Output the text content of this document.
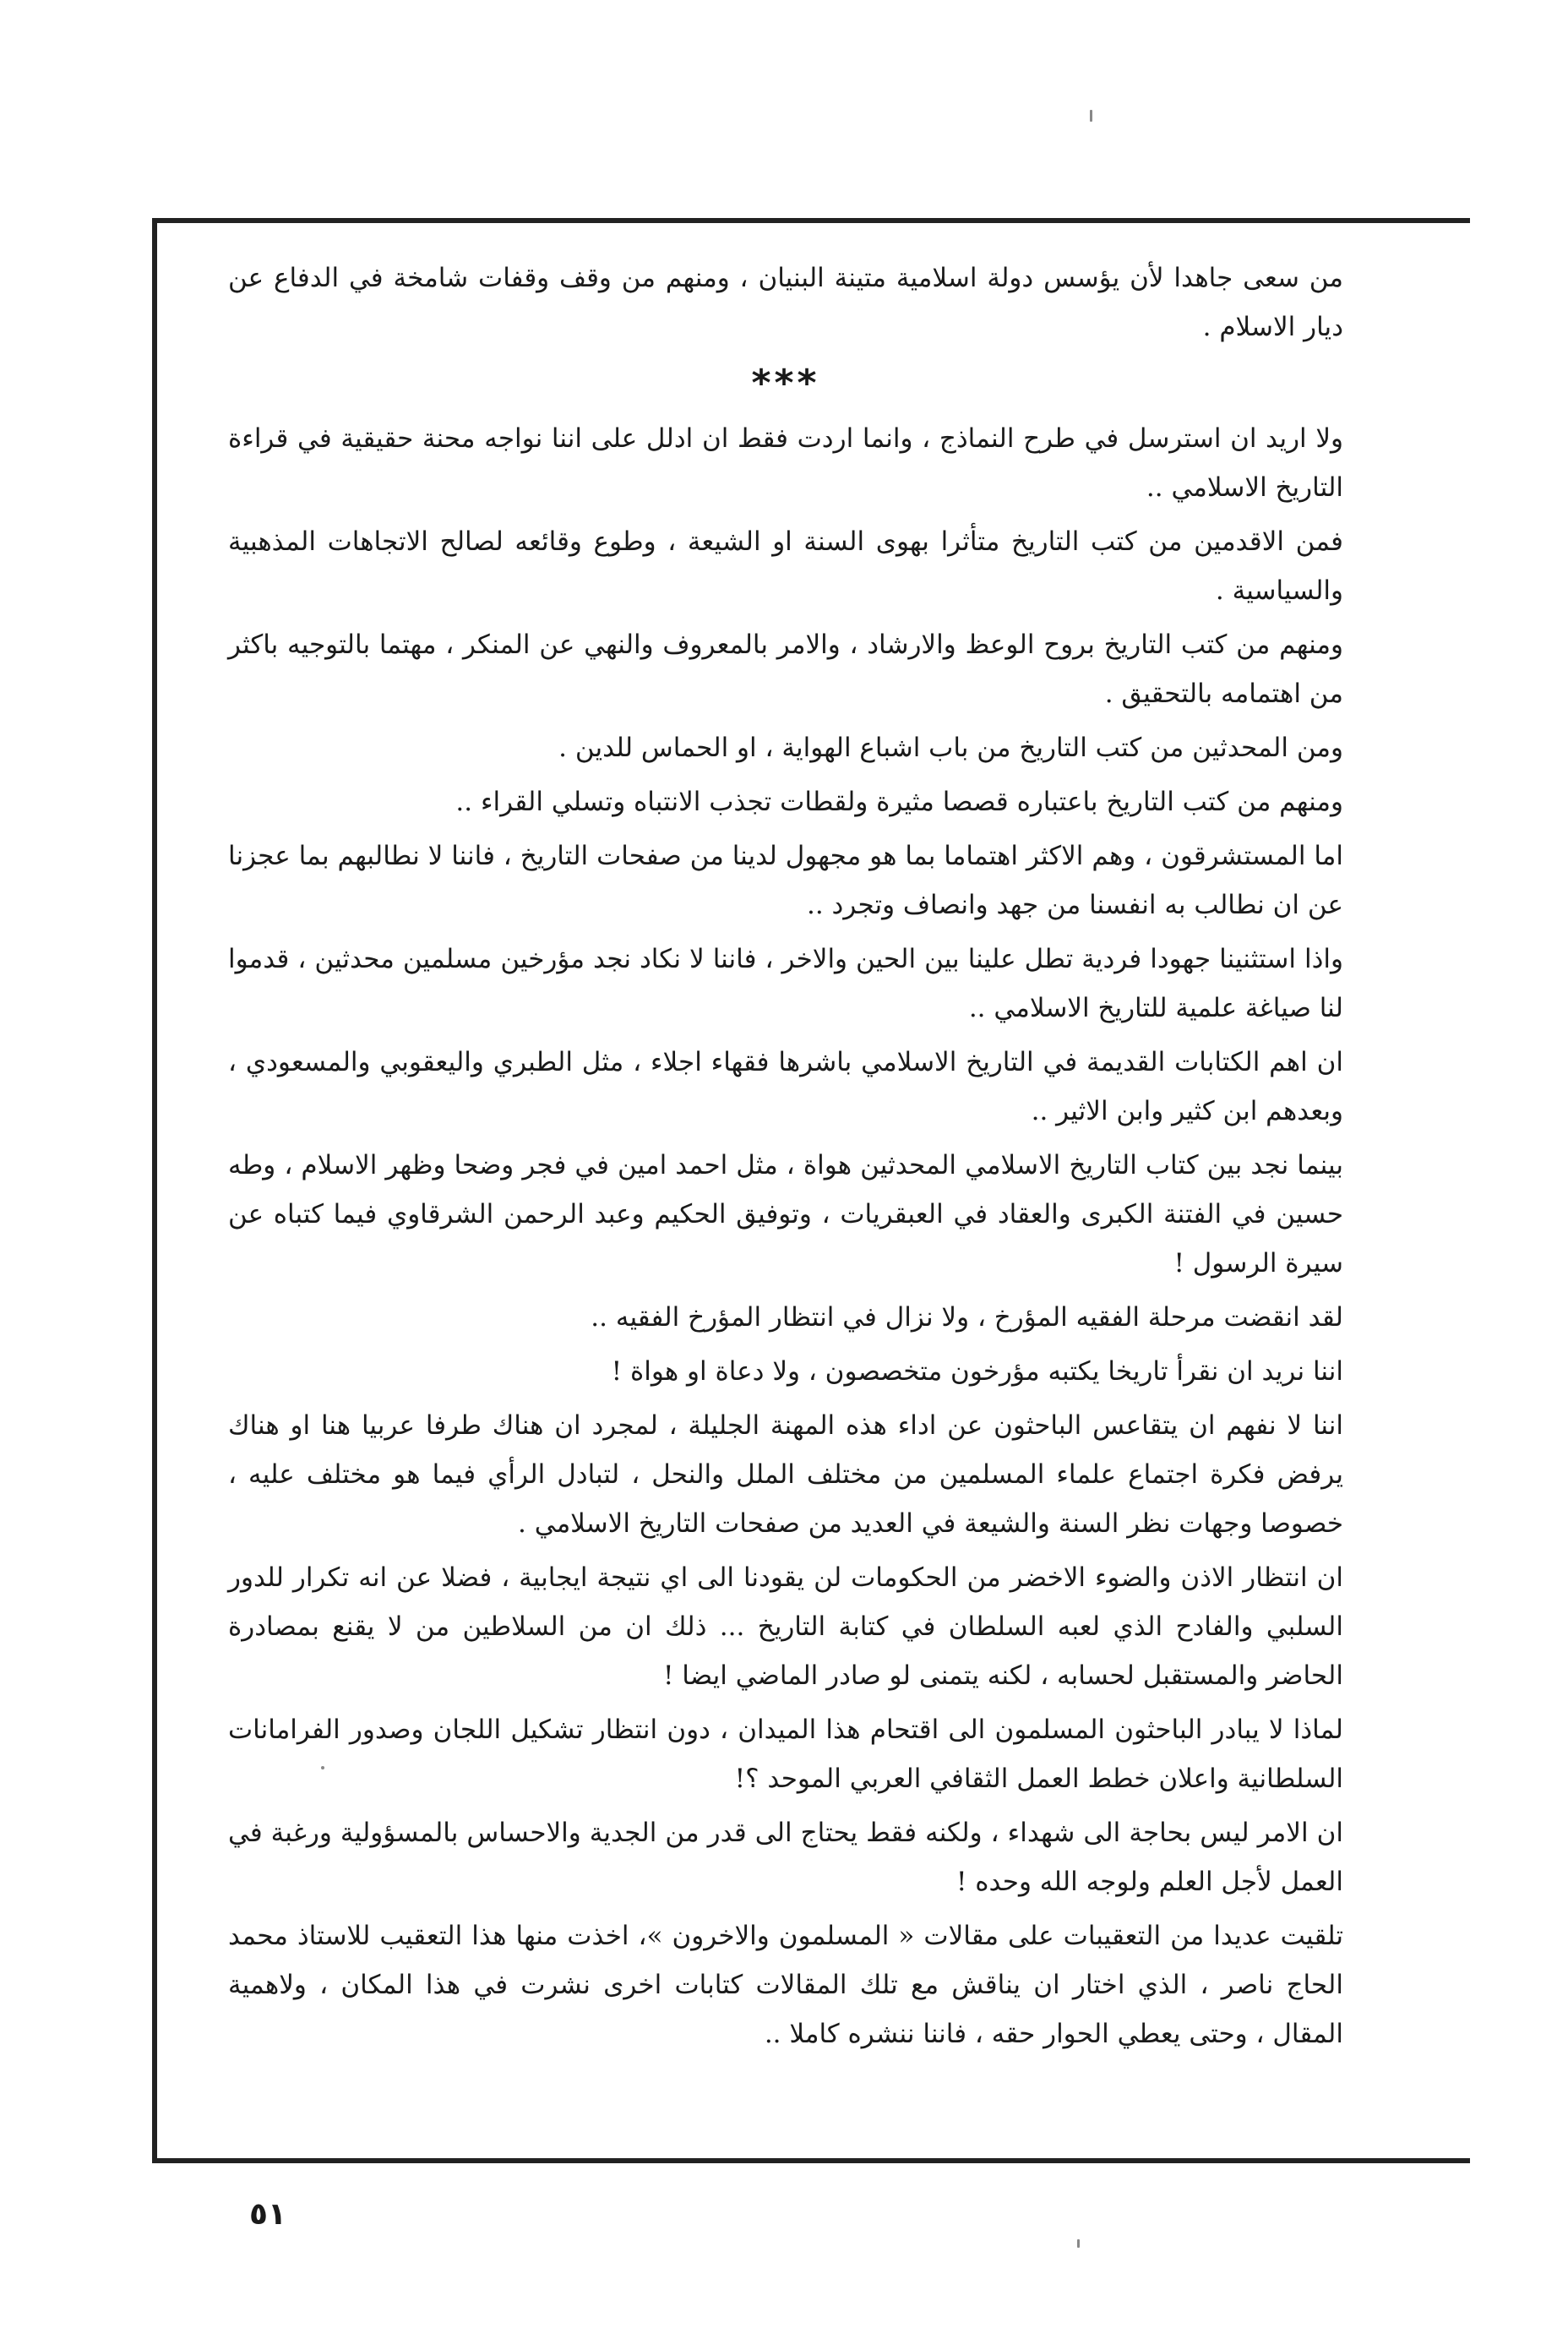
من سعى جاهدا لأن يؤسس دولة اسلامية متينة البنيان ، ومنهم من وقف وقفات شامخة في الدفاع عن ديار الاسلام .

***

ولا اريد ان استرسل في طرح النماذج ، وانما اردت فقط ان ادلل على اننا نواجه محنة حقيقية في قراءة التاريخ الاسلامي ..

فمن الاقدمين من كتب التاريخ متأثرا بهوى السنة او الشيعة ، وطوع وقائعه لصالح الاتجاهات المذهبية والسياسية .

ومنهم من كتب التاريخ بروح الوعظ والارشاد ، والامر بالمعروف والنهي عن المنكر ، مهتما بالتوجيه باكثر من اهتمامه بالتحقيق .

ومن المحدثين من كتب التاريخ من باب اشباع الهواية ، او الحماس للدين .

ومنهم من كتب التاريخ باعتباره قصصا مثيرة ولقطات تجذب الانتباه وتسلي القراء ..

اما المستشرقون ، وهم الاكثر اهتماما بما هو مجهول لدينا من صفحات التاريخ ، فاننا لا نطالبهم بما عجزنا عن ان نطالب به انفسنا من جهد وانصاف وتجرد ..

واذا استثنينا جهودا فردية تطل علينا بين الحين والاخر ، فاننا لا نكاد نجد مؤرخين مسلمين محدثين ، قدموا لنا صياغة علمية للتاريخ الاسلامي ..

ان اهم الكتابات القديمة في التاريخ الاسلامي باشرها فقهاء اجلاء ، مثل الطبري واليعقوبي والمسعودي ، وبعدهم ابن كثير وابن الاثير ..

بينما نجد بين كتاب التاريخ الاسلامي المحدثين هواة ، مثل احمد امين في فجر وضحا وظهر الاسلام ، وطه حسين في الفتنة الكبرى والعقاد في العبقريات ، وتوفيق الحكيم وعبد الرحمن الشرقاوي فيما كتباه عن سيرة الرسول !

لقد انقضت مرحلة الفقيه المؤرخ ، ولا نزال في انتظار المؤرخ الفقيه ..

اننا نريد ان نقرأ تاريخا يكتبه مؤرخون متخصصون ، ولا دعاة او هواة !

اننا لا نفهم ان يتقاعس الباحثون عن اداء هذه المهنة الجليلة ، لمجرد ان هناك طرفا عربيا هنا او هناك يرفض فكرة اجتماع علماء المسلمين من مختلف الملل والنحل ، لتبادل الرأي فيما هو مختلف عليه ، خصوصا وجهات نظر السنة والشيعة في العديد من صفحات التاريخ الاسلامي .

ان انتظار الاذن والضوء الاخضر من الحكومات لن يقودنا الى اي نتيجة ايجابية ، فضلا عن انه تكرار للدور السلبي والفادح الذي لعبه السلطان في كتابة التاريخ ... ذلك ان من السلاطين من لا يقنع بمصادرة الحاضر والمستقبل لحسابه ، لكنه يتمنى لو صادر الماضي ايضا !

لماذا لا يبادر الباحثون المسلمون الى اقتحام هذا الميدان ، دون انتظار تشكيل اللجان وصدور الفرامانات السلطانية واعلان خطط العمل الثقافي العربي الموحد ؟!

ان الامر ليس بحاجة الى شهداء ، ولكنه فقط يحتاج الى قدر من الجدية والاحساس بالمسؤولية ورغبة في العمل لأجل العلم ولوجه الله وحده !

تلقيت عديدا من التعقيبات على مقالات « المسلمون والاخرون »، اخذت منها هذا التعقيب للاستاذ محمد الحاج ناصر ، الذي اختار ان يناقش مع تلك المقالات كتابات اخرى نشرت في هذا المكان ، ولاهمية المقال ، وحتى يعطي الحوار حقه ، فاننا ننشره كاملا ..

٥١
